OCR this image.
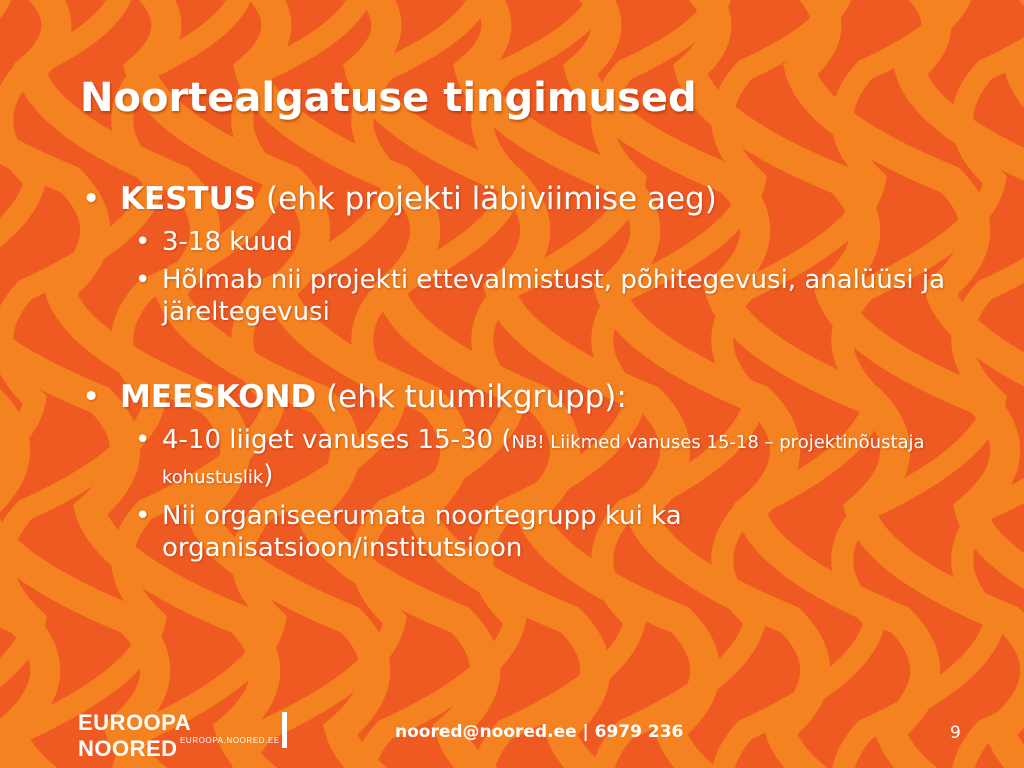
Noortealgatuse tingimused
• KESTUS (ehk projekti läbiviimise aeg)
• 3-18 kuud
• Hõlmab nii projekti ettevalmistust, põhitegevusi, analüüsi ja järeltegevusi
• MEESKOND (ehk tuumikgrupp):
• 4-10 liiget vanuses 15-30 (NB! Liikmed vanuses 15-18 – projektinõustaja kohustuslik)
• Nii organiseerumata noortegrupp kui ka organisatsioon/institutsioon
EUROOPA NOORED EUROOPA.NOORED.EE	noored@noored.ee | 6979 236	9
